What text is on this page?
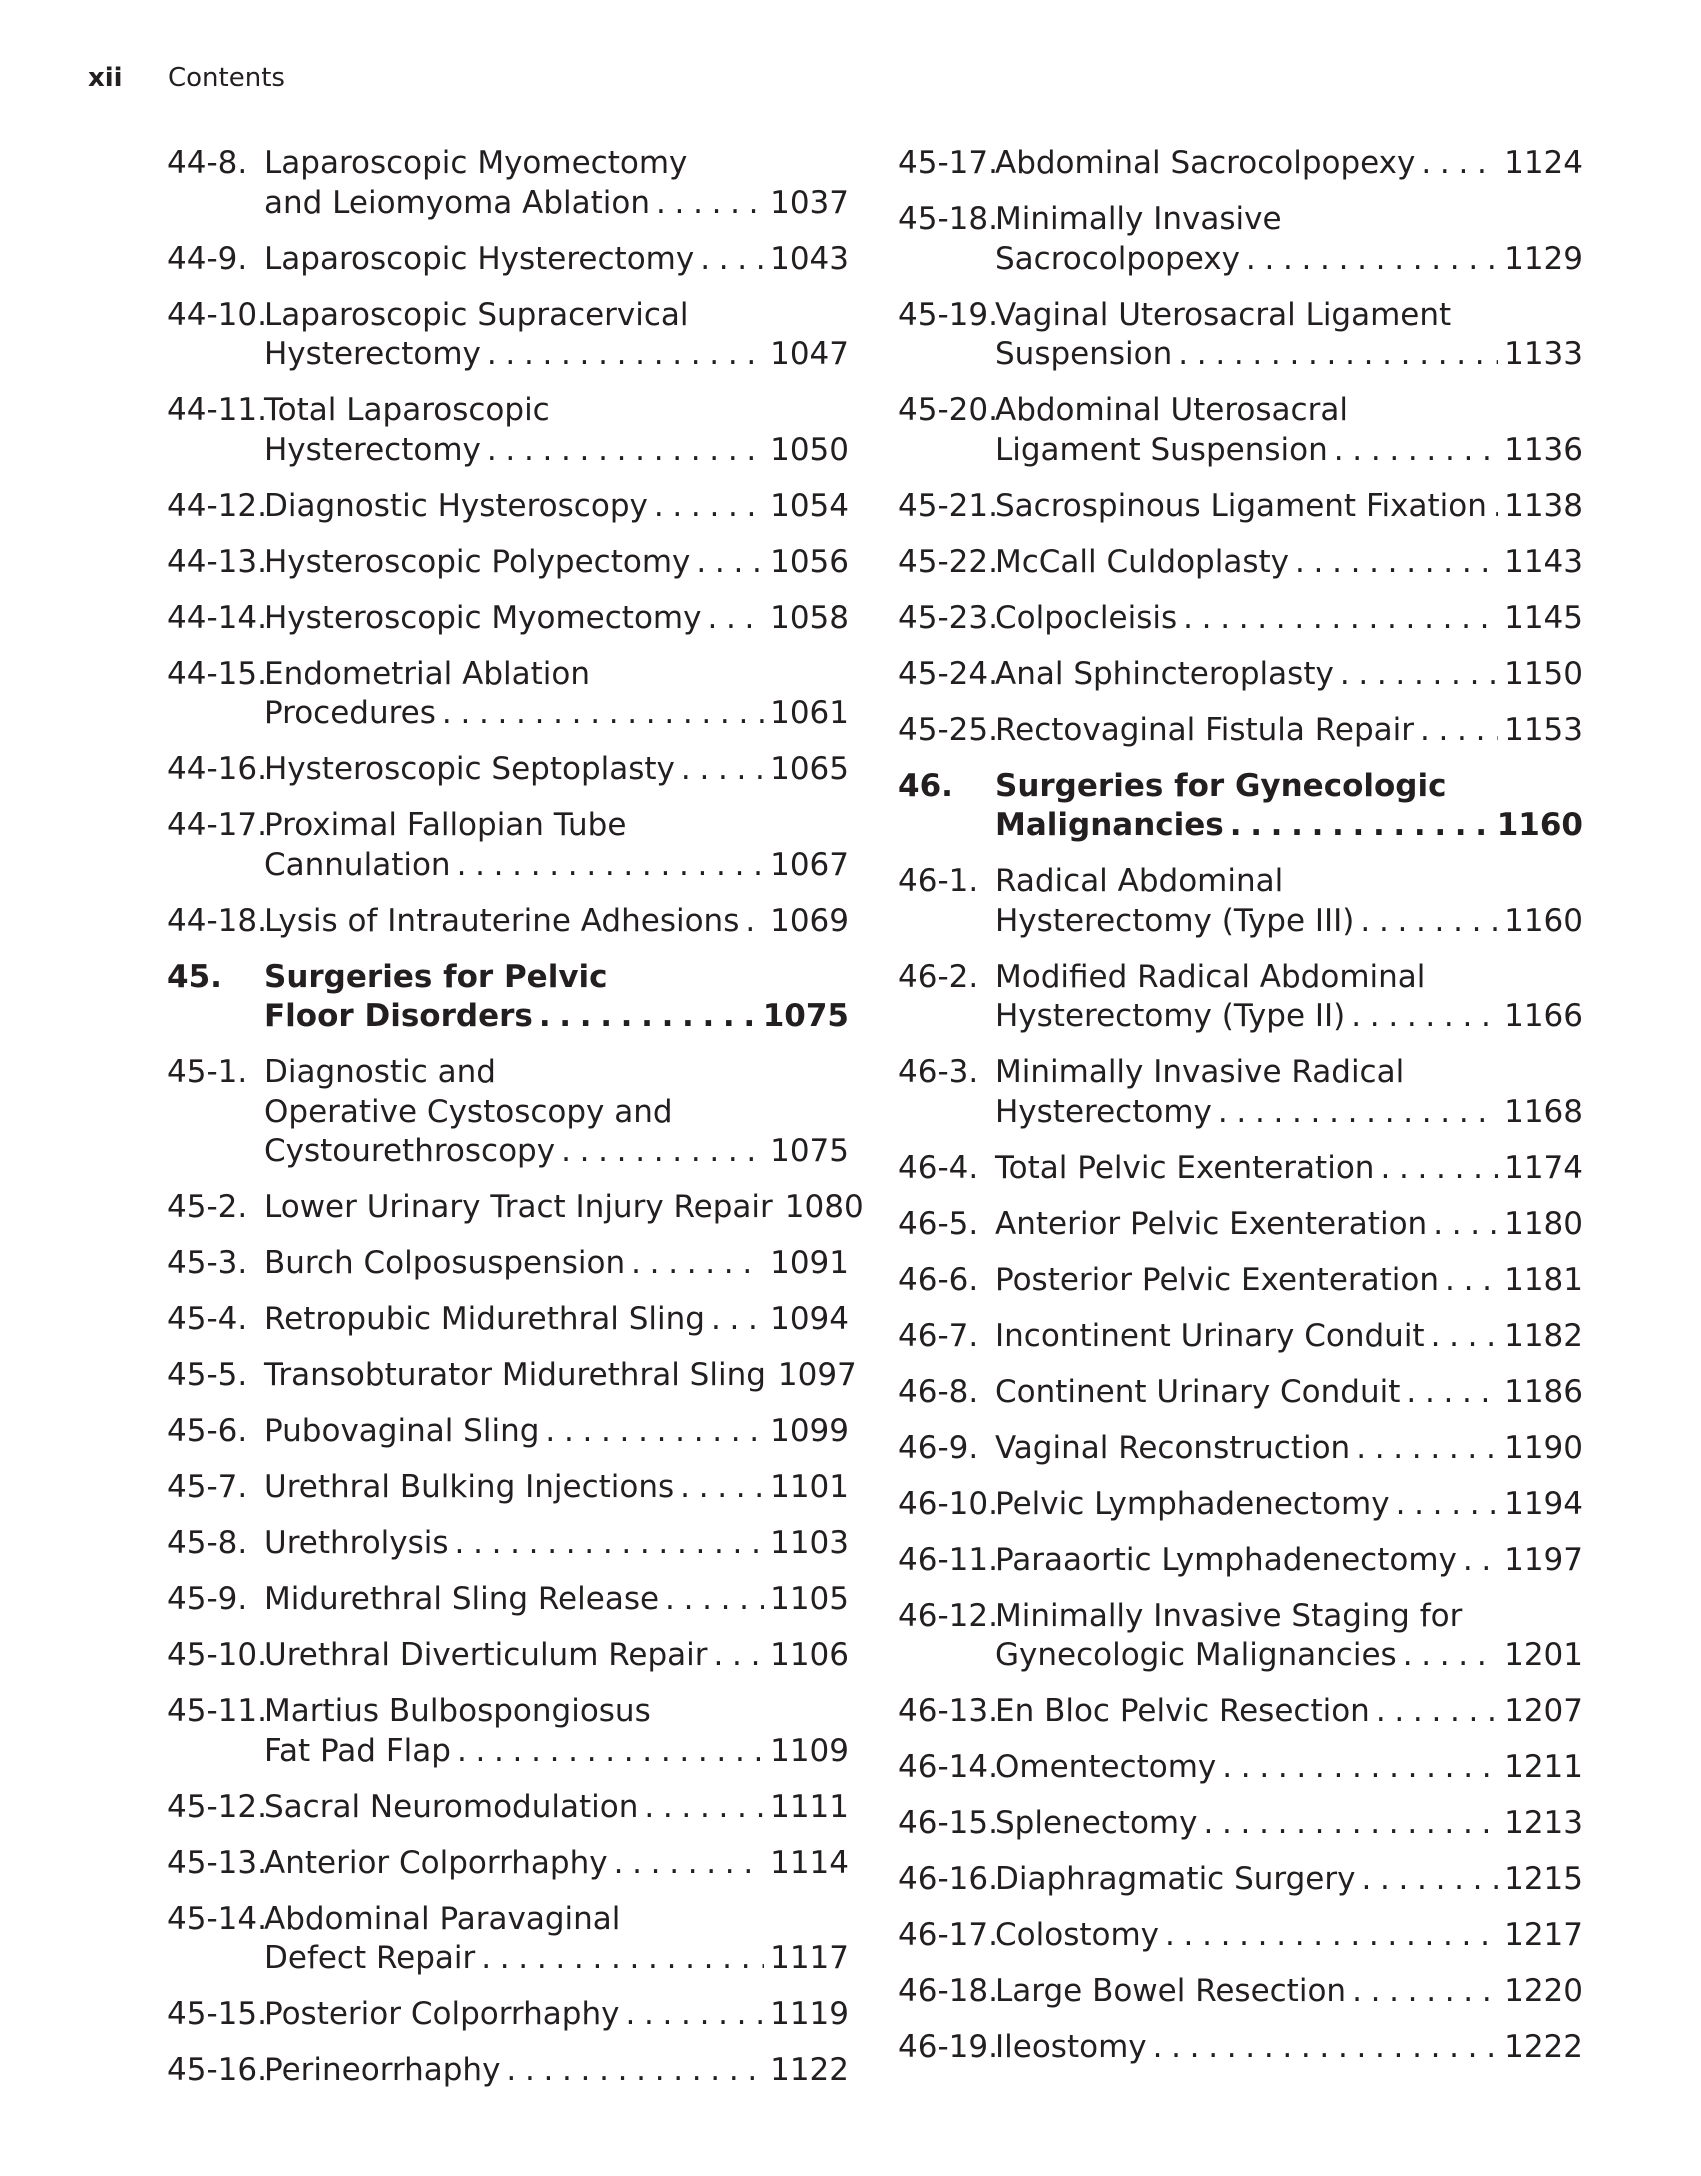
xii Contents
44-8. Laparoscopic Myomectomy
and Leiomyoma Ablation .....	1037
44-9. Laparoscopic Hysterectomy ..... 1043
44-10.
Laparoscopic Supracervical
Hysterectomy .....	1047
44-11.
Total Laparoscopic
Hysterectomy .....	1050
44-12.
Diagnostic Hysteroscopy .....	1054
44-13.
Hysteroscopic Polypectomy .....	1056
44-14.
Hysteroscopic Myomectomy ..... 1058
44-15.
Endometrial Ablation
Procedures .....	1061
44-16.
Hysteroscopic Septoplasty .....	1065
44-17.
Proximal Fallopian Tube
Cannulation .....	1067
44-18.
Lysis of Intrauterine Adhesions ..... 1069
45. Surgeries for Pelvic
Floor Disorders .....	1075
45-1. Diagnostic and
Operative Cystoscopy and
Cystourethroscopy .....	1075
45-2. Lower Urinary Tract Injury Repair 1080
45-3. Burch Colposuspension .....	1091
45-4. Retropubic Midurethral Sling ..... 1094
45-5. Transobturator Midurethral Sling 1097
45-6. Pubovaginal Sling .....	1099
45-7. Urethral Bulking Injections .....	1101
45-8. Urethrolysis .....	1103
45-9. Midurethral Sling Release .....	1105
45-10.
Urethral Diverticulum Repair ..... 1106
45-11.
Martius Bulbospongiosus
Fat Pad Flap .....	1109
45-12.
Sacral Neuromodulation .....	1111
45-13.
Anterior Colporrhaphy .....	1114
45-14.
Abdominal Paravaginal
Defect Repair .....	1117
45-15.
Posterior Colporrhaphy .....	1119
45-16.
Perineorrhaphy .....	1122
45-17.
Abdominal Sacrocolpopexy .....	1124
45-18.
Minimally Invasive
Sacrocolpopexy .....	1129
45-19.
Vaginal Uterosacral Ligament
Suspension .....	1133
45-20.
Abdominal Uterosacral
Ligament Suspension .....	1136
45-21.
Sacrospinous Ligament Fixation ..... 1138
45-22.
McCall Culdoplasty .....	1143
45-23.
Colpocleisis .....	1145
45-24.
Anal Sphincteroplasty .....	1150
45-25.
Rectovaginal Fistula Repair .....	1153
46. Surgeries for Gynecologic
Malignancies .....	1160
46-1. Radical Abdominal
Hysterectomy (Type III) .....	1160
46-2. Modified Radical Abdominal
Hysterectomy (Type II) .....	1166
46-3. Minimally Invasive Radical
Hysterectomy .....	1168
46-4. Total Pelvic Exenteration .....	1174
46-5. Anterior Pelvic Exenteration ..... 1180
46-6. Posterior Pelvic Exenteration ..... 1181
46-7. Incontinent Urinary Conduit .....	1182
46-8. Continent Urinary Conduit .....	1186
46-9. Vaginal Reconstruction .....	1190
46-10.
Pelvic Lymphadenectomy .....	1194
46-11.
Paraaortic Lymphadenectomy ..... 1197
46-12.
Minimally Invasive Staging for
Gynecologic Malignancies .....	1201
46-13.
En Bloc Pelvic Resection .....	1207
46-14.
Omentectomy .....	1211
46-15.
Splenectomy .....	1213
46-16.
Diaphragmatic Surgery .....	1215
46-17.
Colostomy .....	1217
46-18.
Large Bowel Resection .....	1220
46-19.
Ileostomy .....	1222
